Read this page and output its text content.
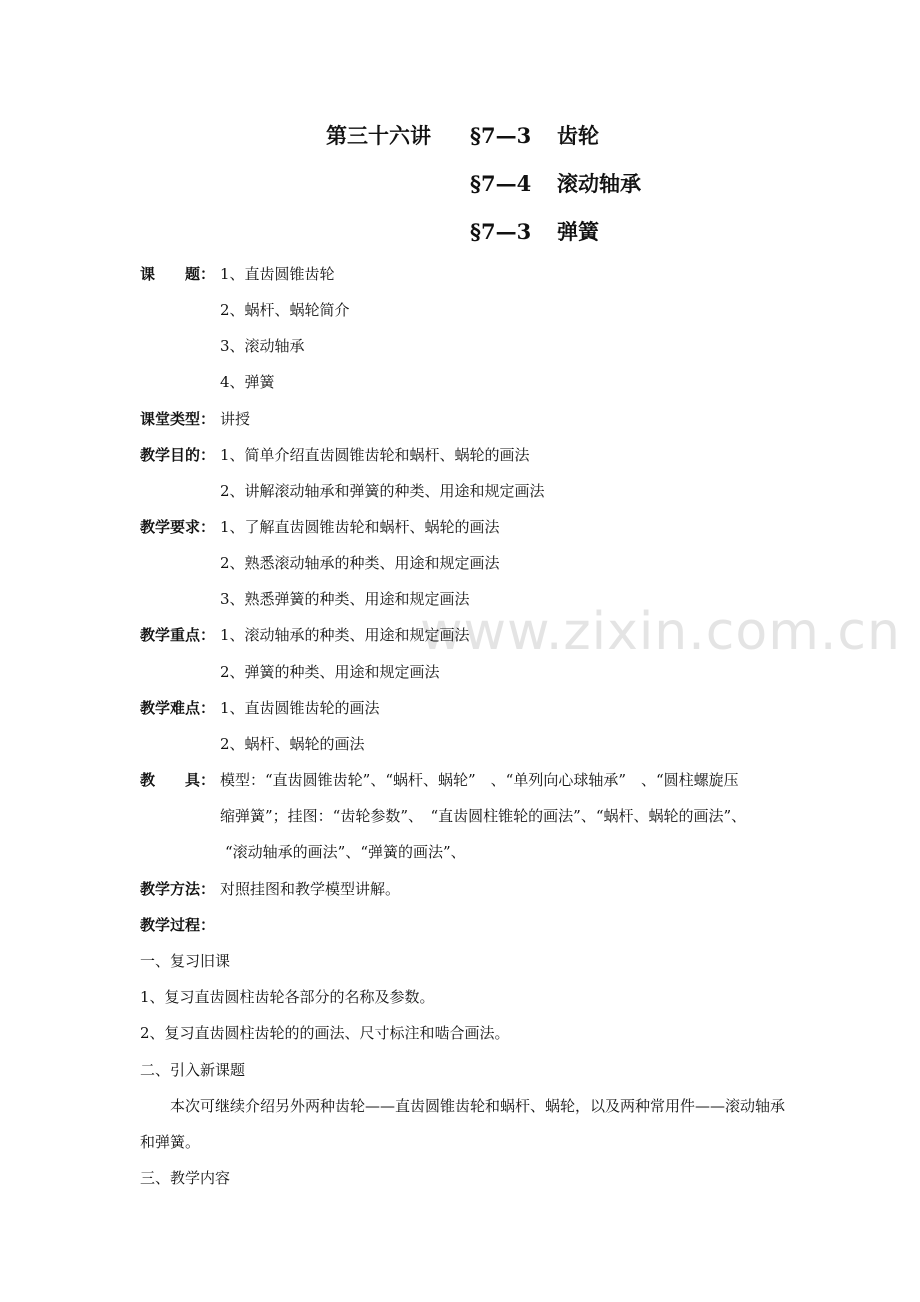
www.zixin.com.cn
第三十六讲 §7—3 齿轮
§7—4 滚动轴承
§7—3 弹簧
课　　题： 1、直齿圆锥齿轮
2、蜗杆、蜗轮简介
3、滚动轴承
4、弹簧
课堂类型： 讲授
教学目的： 1、简单介绍直齿圆锥齿轮和蜗杆、蜗轮的画法
2、讲解滚动轴承和弹簧的种类、用途和规定画法
教学要求： 1、了解直齿圆锥齿轮和蜗杆、蜗轮的画法
2、熟悉滚动轴承的种类、用途和规定画法
3、熟悉弹簧的种类、用途和规定画法
教学重点： 1、滚动轴承的种类、用途和规定画法
2、弹簧的种类、用途和规定画法
教学难点： 1、直齿圆锥齿轮的画法
2、蜗杆、蜗轮的画法
教　　具： 模型：“直齿圆锥齿轮”、“蜗杆、蜗轮”　、“单列向心球轴承”　、“圆柱螺旋压
缩弹簧”；挂图：“齿轮参数”、　“直齿圆柱锥轮的画法”、“蜗杆、蜗轮的画法”、
“滚动轴承的画法”、“弹簧的画法”、
教学方法： 对照挂图和教学模型讲解。
教学过程：
一、复习旧课
1、复习直齿圆柱齿轮各部分的名称及参数。
2、复习直齿圆柱齿轮的的画法、尺寸标注和啮合画法。
二、引入新课题
本次可继续介绍另外两种齿轮——直齿圆锥齿轮和蜗杆、蜗轮，以及两种常用件——滚动轴承和弹簧。
三、教学内容
